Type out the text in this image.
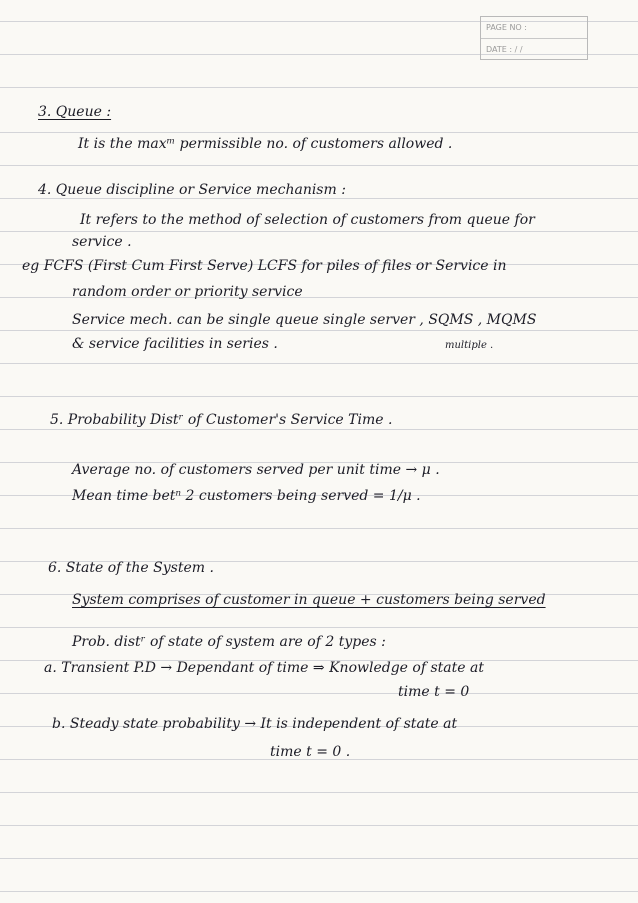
PAGE NO :
DATE : / /
3. Queue :
It is the maxᵐ permissible no. of customers allowed .
4. Queue discipline or Service mechanism :
It refers to the method of selection of customers from queue for
service .
eg FCFS (First Cum First Serve) LCFS for piles of files or Service in
random order or priority service
Service mech. can be single queue single server , SQMS , MQMS
& service facilities in series .	multiple .
5. Probability Distʳ of Customer's Service Time .
Average no. of customers served per unit time → μ .
Mean time betⁿ 2 customers being served = 1/μ .
6. State of the System .
System comprises of customer in queue + customers being served
Prob. distʳ of state of system are of 2 types :
a. Transient P.D → Dependant of time ⇒ Knowledge of state at
time t = 0
b. Steady state probability → It is independent of state at
time t = 0 .
